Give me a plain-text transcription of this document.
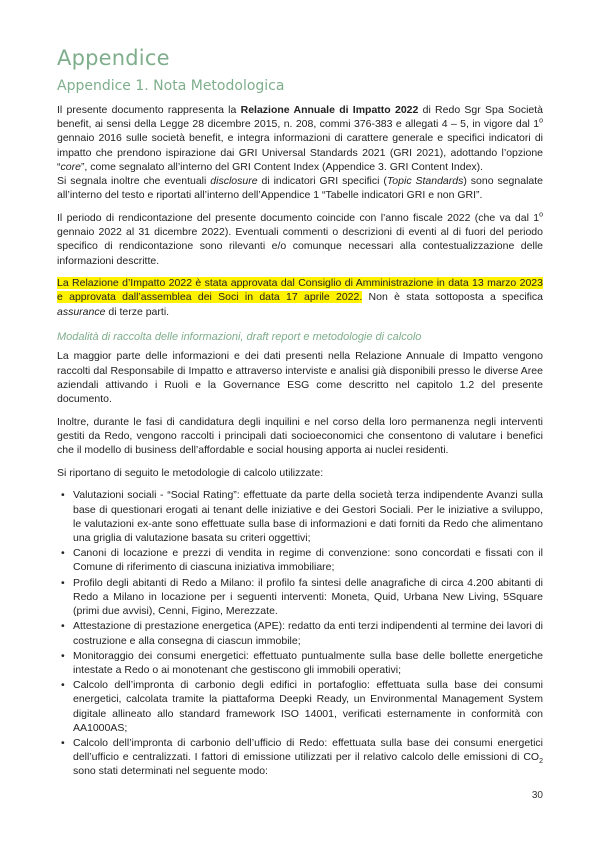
Appendice
Appendice 1. Nota Metodologica

Il presente documento rappresenta la Relazione Annuale di Impatto 2022 di Redo Sgr Spa Società benefit, ai sensi della Legge 28 dicembre 2015, n. 208, commi 376-383 e allegati 4 – 5, in vigore dal 1$^o$ gennaio 2016 sulle società benefit, e integra informazioni di carattere generale e specifici indicatori di impatto che prendono ispirazione dai GRI Universal Standards 2021 (GRI 2021), adottando l’opzione “core”, come segnalato all’interno del GRI Content Index (Appendice 3. GRI Content Index).

Si segnala inoltre che eventuali disclosure di indicatori GRI specifici (Topic Standards) sono segnalate all’interno del testo e riportati all’interno dell’Appendice 1 “Tabelle indicatori GRI e non GRI”.

Il periodo di rendicontazione del presente documento coincide con l’anno fiscale 2022 (che va dal 1$^o$ gennaio 2022 al 31 dicembre 2022). Eventuali commenti o descrizioni di eventi al di fuori del periodo specifico di rendicontazione sono rilevanti e/o comunque necessari alla contestualizzazione delle informazioni descritte.

La Relazione d’Impatto 2022 è stata approvata dal Consiglio di Amministrazione in data 13 marzo 2023 e approvata dall’assemblea dei Soci in data 17 aprile 2022. Non è stata sottoposta a specifica assurance di terze parti.

Modalità di raccolta delle informazioni, draft report e metodologie di calcolo

La maggior parte delle informazioni e dei dati presenti nella Relazione Annuale di Impatto vengono raccolti dal Responsabile di Impatto e attraverso interviste e analisi già disponibili presso le diverse Aree aziendali attivando i Ruoli e la Governance ESG come descritto nel capitolo 1.2 del presente documento.

Inoltre, durante le fasi di candidatura degli inquilini e nel corso della loro permanenza negli interventi gestiti da Redo, vengono raccolti i principali dati socioeconomici che consentono di valutare i benefici che il modello di business dell’affordable e social housing apporta ai nuclei residenti.

Si riportano di seguito le metodologie di calcolo utilizzate:

• Valutazioni sociali - “Social Rating”: effettuate da parte della società terza indipendente Avanzi sulla base di questionari erogati ai tenant delle iniziative e dei Gestori Sociali. Per le iniziative a sviluppo, le valutazioni ex-ante sono effettuate sulla base di informazioni e dati forniti da Redo che alimentano una griglia di valutazione basata su criteri oggettivi;
• Canoni di locazione e prezzi di vendita in regime di convenzione: sono concordati e fissati con il Comune di riferimento di ciascuna iniziativa immobiliare;
• Profilo degli abitanti di Redo a Milano: il profilo fa sintesi delle anagrafiche di circa 4.200 abitanti di Redo a Milano in locazione per i seguenti interventi: Moneta, Quid, Urbana New Living, 5Square (primi due avvisi), Cenni, Figino, Merezzate.
• Attestazione di prestazione energetica (APE): redatto da enti terzi indipendenti al termine dei lavori di costruzione e alla consegna di ciascun immobile;
• Monitoraggio dei consumi energetici: effettuato puntualmente sulla base delle bollette energetiche intestate a Redo o ai monotenant che gestiscono gli immobili operativi;
• Calcolo dell’impronta di carbonio degli edifici in portafoglio: effettuata sulla base dei consumi energetici, calcolata tramite la piattaforma Deepki Ready, un Environmental Management System digitale allineato allo standard framework ISO 14001, verificati esternamente in conformità con AA1000AS;
• Calcolo dell’impronta di carbonio dell’ufficio di Redo: effettuata sulla base dei consumi energetici dell’ufficio e centralizzati. I fattori di emissione utilizzati per il relativo calcolo delle emissioni di $CO_2$ sono stati determinati nel seguente modo:
30
